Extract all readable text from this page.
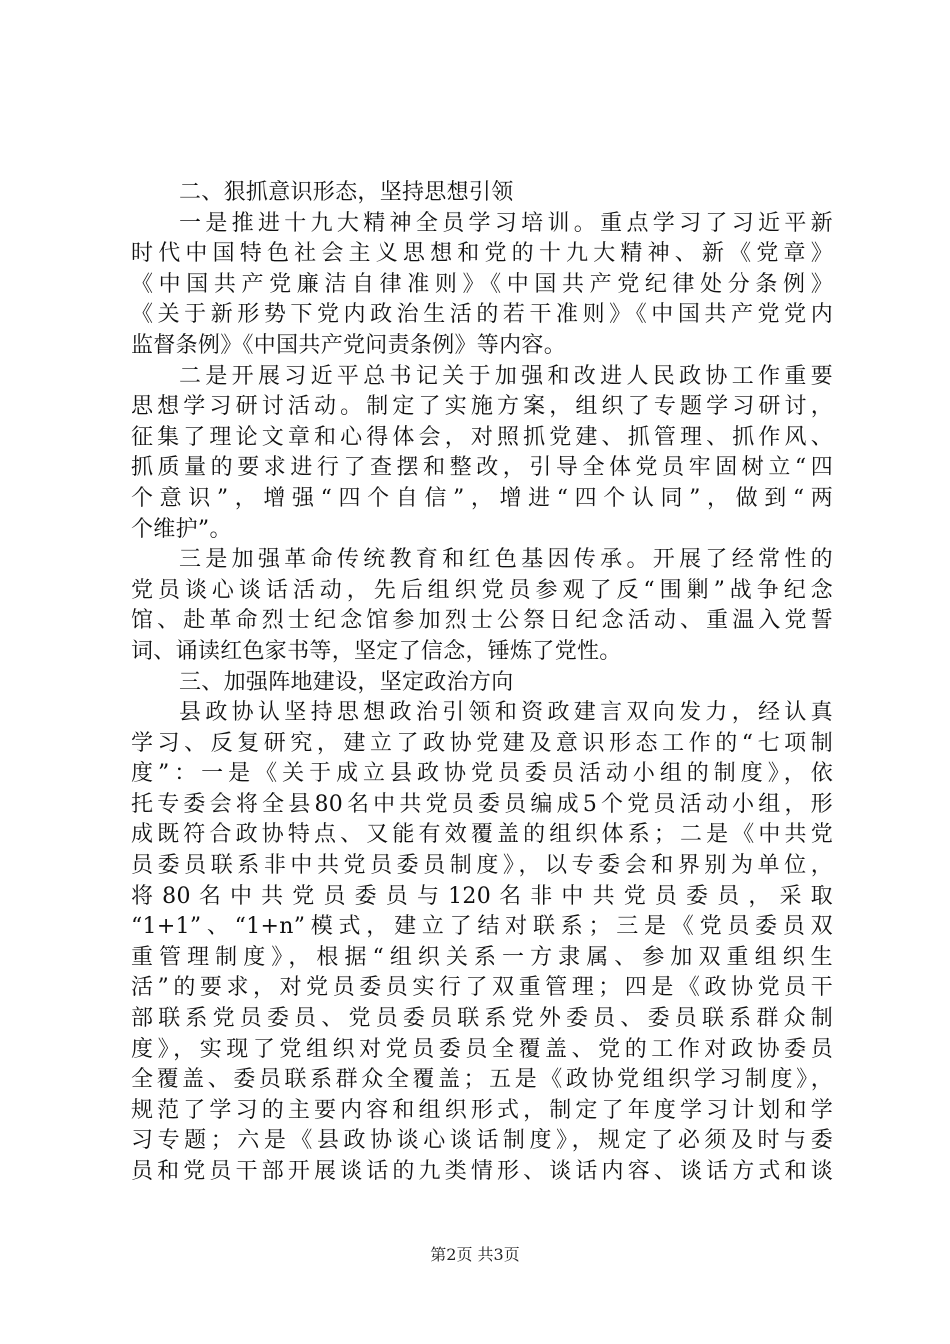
二、狠抓意识形态，坚持思想引领
一是推进十九大精神全员学习培训。重点学习了习近平新
时代中国特色社会主义思想和党的十九大精神、新《党章》
《中国共产党廉洁自律准则》《中国共产党纪律处分条例》
《关于新形势下党内政治生活的若干准则》《中国共产党党内
监督条例》《中国共产党问责条例》等内容。
二是开展习近平总书记关于加强和改进人民政协工作重要
思想学习研讨活动。制定了实施方案，组织了专题学习研讨，
征集了理论文章和心得体会，对照抓党建、抓管理、抓作风、
抓质量的要求进行了查摆和整改，引导全体党员牢固树立“四
个意识”，增强“四个自信”，增进“四个认同”，做到“两
个维护”。
三是加强革命传统教育和红色基因传承。开展了经常性的
党员谈心谈话活动，先后组织党员参观了反“围剿”战争纪念
馆、赴革命烈士纪念馆参加烈士公祭日纪念活动、重温入党誓
词、诵读红色家书等，坚定了信念，锤炼了党性。
三、加强阵地建设，坚定政治方向
县政协认坚持思想政治引领和资政建言双向发力，经认真
学习、反复研究，建立了政协党建及意识形态工作的“七项制
度”：一是《关于成立县政协党员委员活动小组的制度》，依
托专委会将全县80名中共党员委员编成5个党员活动小组，形
成既符合政协特点、又能有效覆盖的组织体系；二是《中共党
员委员联系非中共党员委员制度》，以专委会和界别为单位，
将 80 名 中 共 党 员 委 员 与 120 名 非 中 共 党 员 委 员 ， 采 取
“1+1”、“1+n”模式，建立了结对联系；三是《党员委员双
重管理制度》，根据“组织关系一方隶属、参加双重组织生
活”的要求，对党员委员实行了双重管理；四是《政协党员干
部联系党员委员、党员委员联系党外委员、委员联系群众制
度》，实现了党组织对党员委员全覆盖、党的工作对政协委员
全覆盖、委员联系群众全覆盖；五是《政协党组织学习制度》，
规范了学习的主要内容和组织形式，制定了年度学习计划和学
习专题；六是《县政协谈心谈话制度》，规定了必须及时与委
员和党员干部开展谈话的九类情形、谈话内容、谈话方式和谈
第2页 共3页
